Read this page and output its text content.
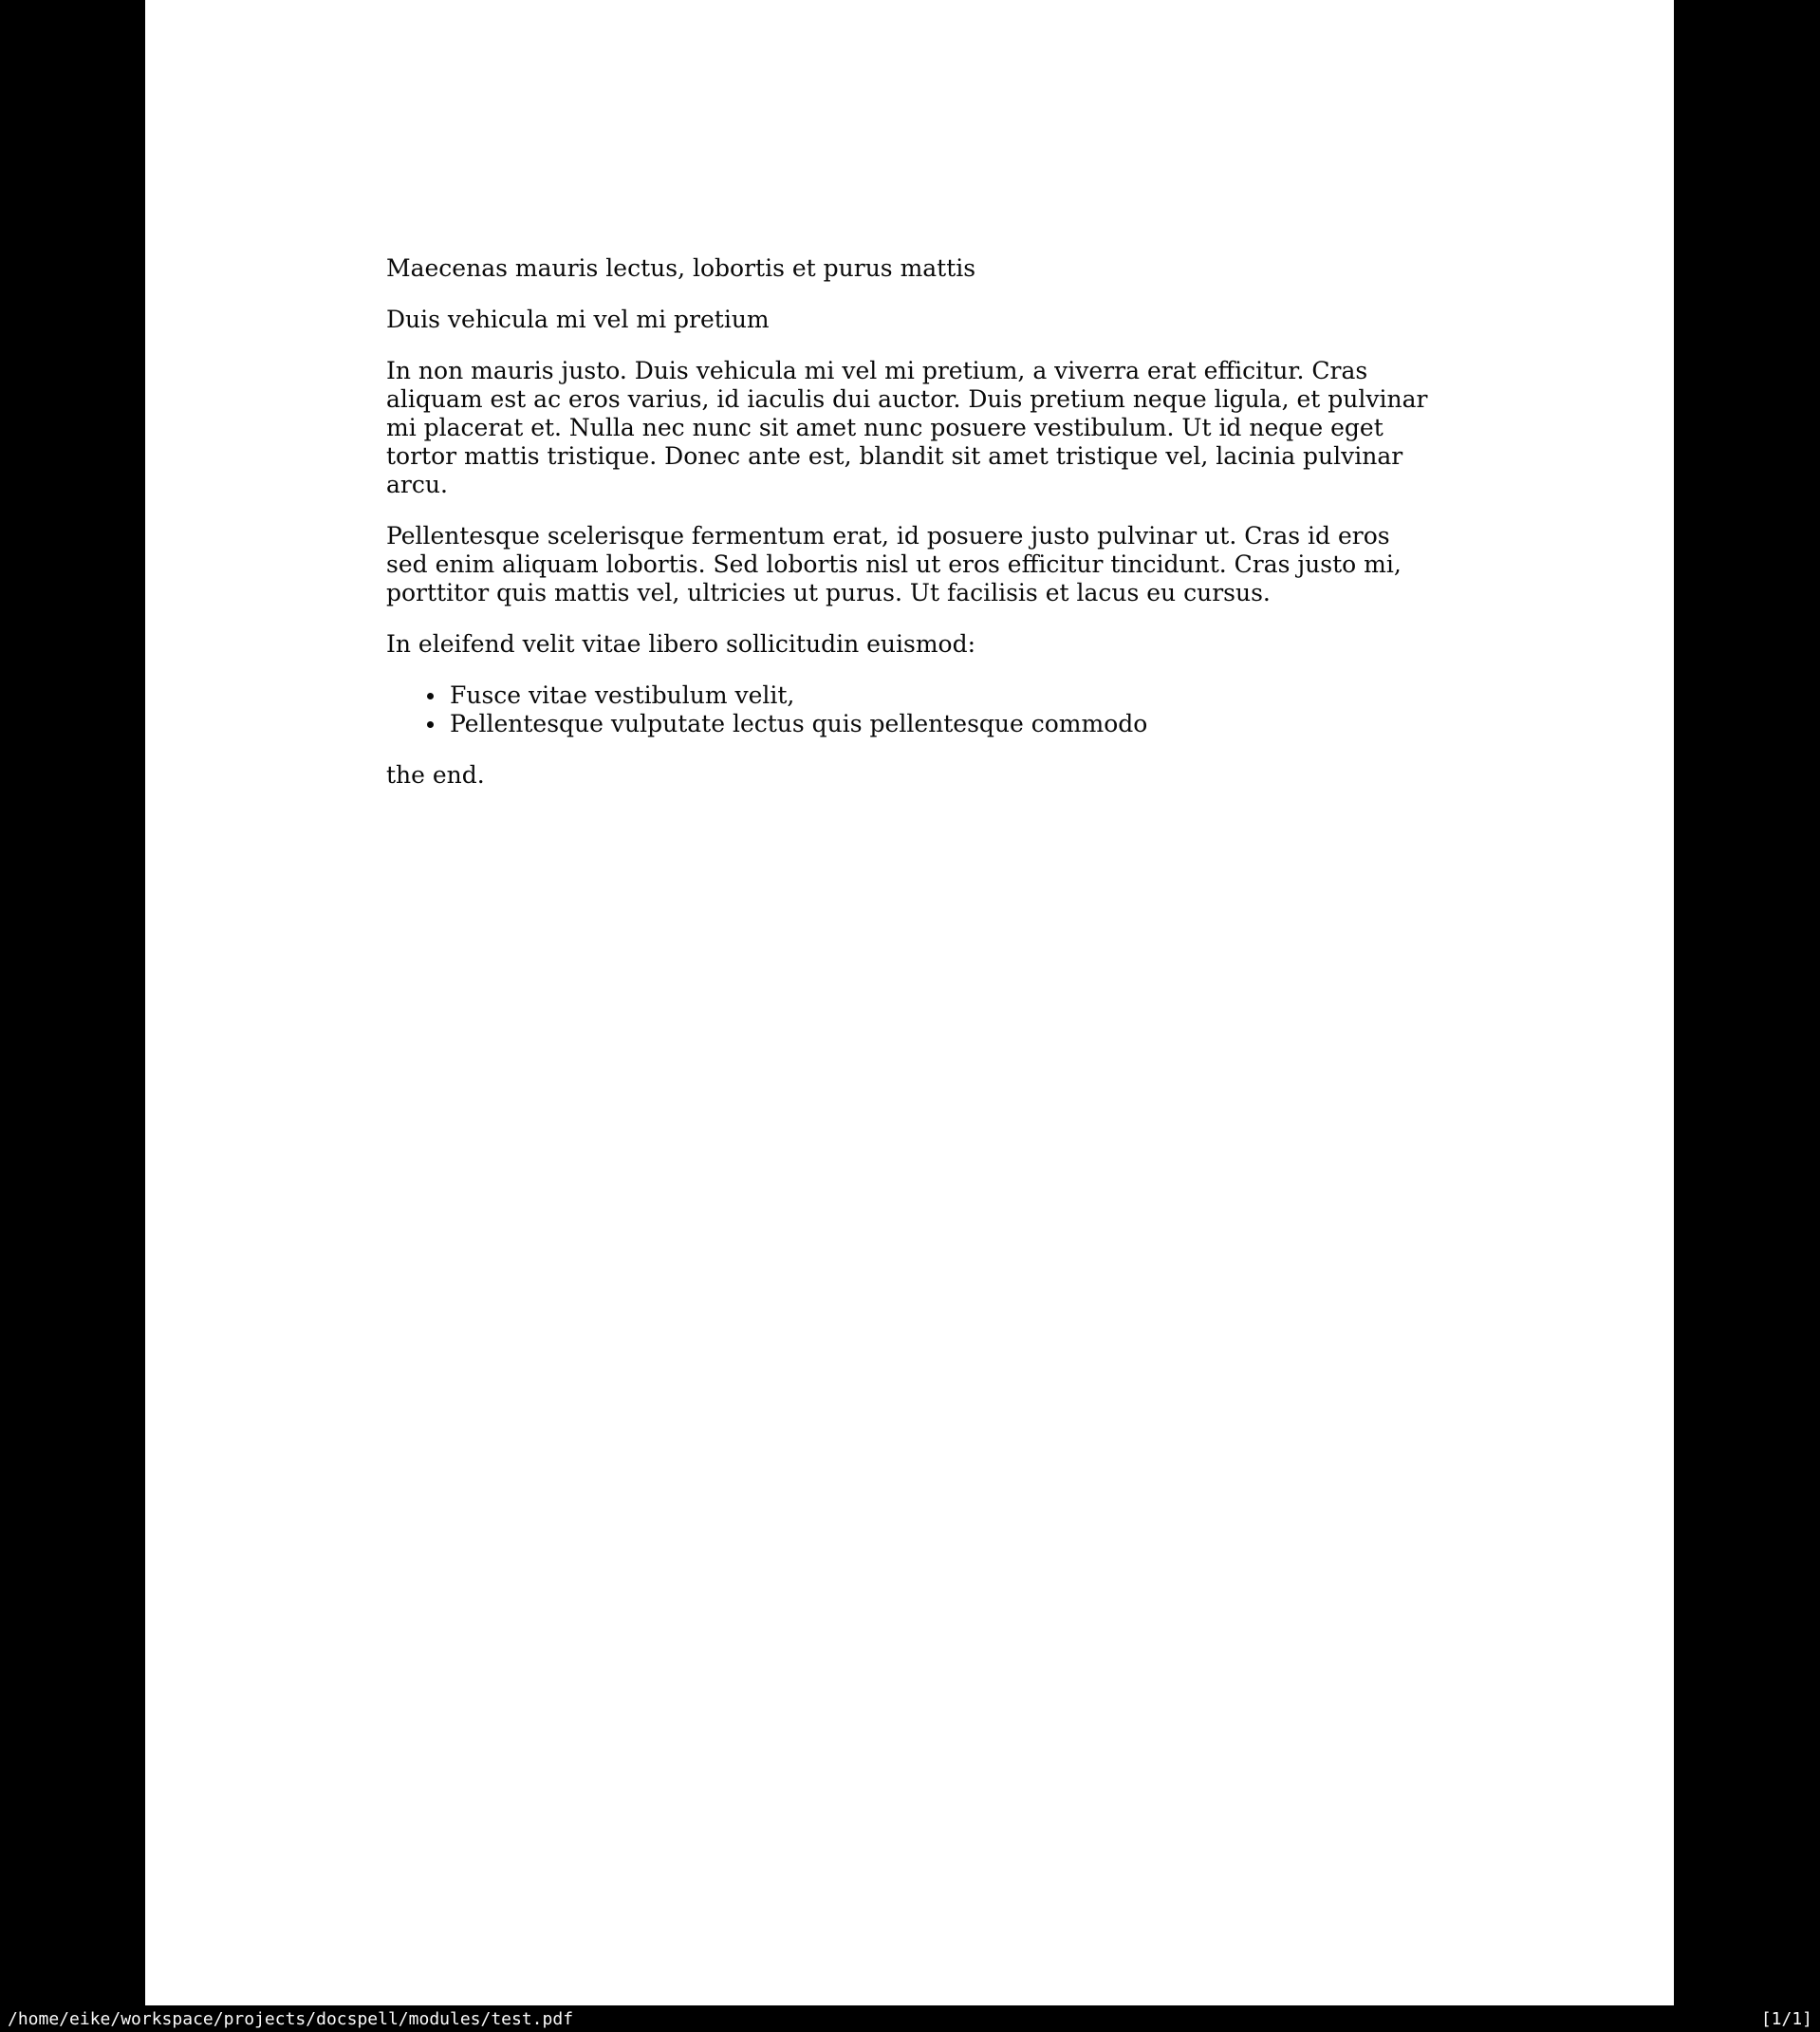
Maecenas mauris lectus, lobortis et purus mattis
Duis vehicula mi vel mi pretium
In non mauris justo. Duis vehicula mi vel mi pretium, a viverra erat efficitur. Cras
aliquam est ac eros varius, id iaculis dui auctor. Duis pretium neque ligula, et pulvinar
mi placerat et. Nulla nec nunc sit amet nunc posuere vestibulum. Ut id neque eget
tortor mattis tristique. Donec ante est, blandit sit amet tristique vel, lacinia pulvinar
arcu.
Pellentesque scelerisque fermentum erat, id posuere justo pulvinar ut. Cras id eros
sed enim aliquam lobortis. Sed lobortis nisl ut eros efficitur tincidunt. Cras justo mi,
porttitor quis mattis vel, ultricies ut purus. Ut facilisis et lacus eu cursus.
In eleifend velit vitae libero sollicitudin euismod:
Fusce vitae vestibulum velit,
Pellentesque vulputate lectus quis pellentesque commodo
the end.
/home/eike/workspace/projects/docspell/modules/test.pdf	[1/1]
